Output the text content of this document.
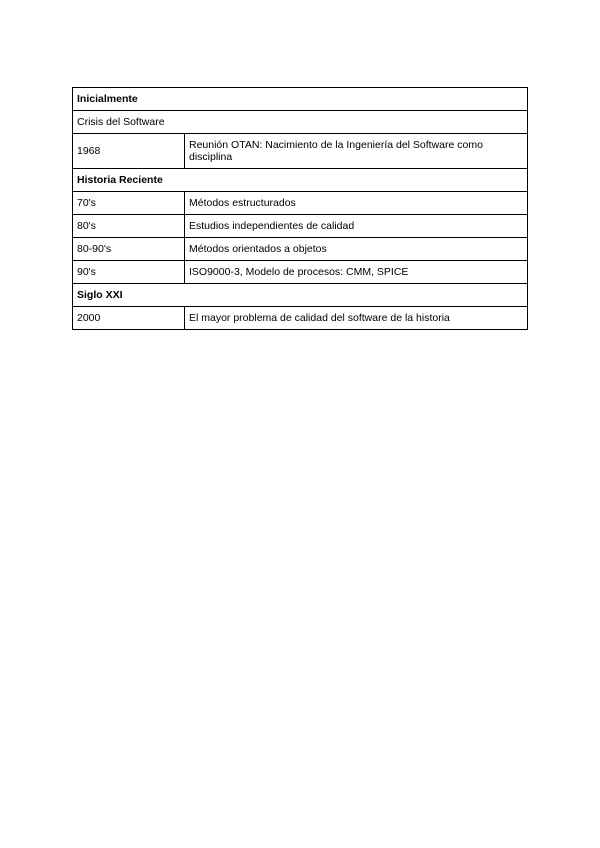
Inicialmente	
Crisis del Software	
1968	Reunión OTAN: Nacimiento de la Ingeniería del Software como disciplina
Historia Reciente	
70's	Métodos estructurados
80's	Estudios independientes de calidad
80-90's	Métodos orientados a objetos
90's	ISO9000-3, Modelo de procesos: CMM, SPICE
Siglo XXI	
2000	El mayor problema de calidad del software de la historia
